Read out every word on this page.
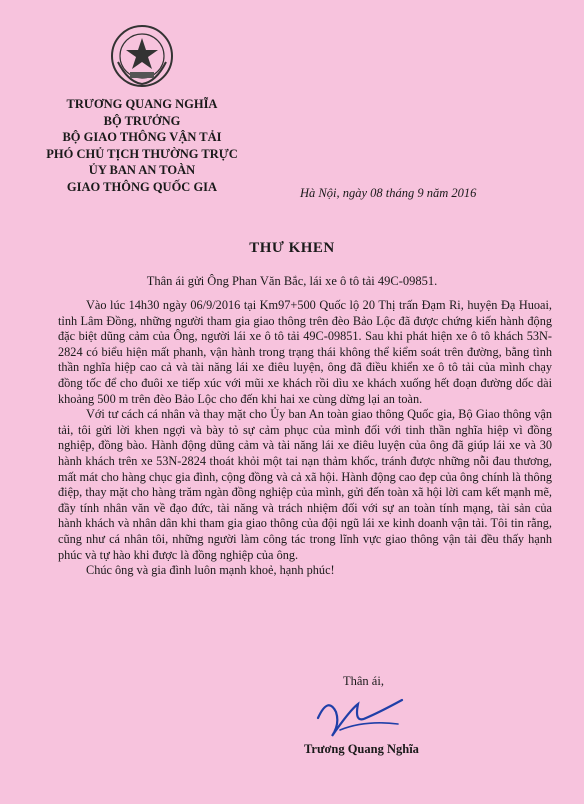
TRƯƠNG QUANG NGHĨA
BỘ TRƯỞNG
BỘ GIAO THÔNG VẬN TẢI
PHÓ CHỦ TỊCH THƯỜNG TRỰC
ỦY BAN AN TOÀN
GIAO THÔNG QUỐC GIA	Hà Nội, ngày 08 tháng 9 năm 2016
THƯ KHEN
Thân ái gửi Ông Phan Văn Bắc, lái xe ô tô tải 49C-09851.

Vào lúc 14h30 ngày 06/9/2016 tại Km97+500 Quốc lộ 20 Thị trấn Đạm Ri, huyện Đạ Huoai, tỉnh Lâm Đồng, những người tham gia giao thông trên đèo Bảo Lộc đã được chứng kiến hành động đặc biệt dũng cảm của Ông, người lái xe ô tô tải 49C-09851. Sau khi phát hiện xe ô tô khách 53N-2824 có biểu hiện mất phanh, vận hành trong trạng thái không thể kiểm soát trên đường, bằng tình thần nghĩa hiệp cao cả và tài năng lái xe điêu luyện, ông đã điều khiển xe ô tô tải của mình chạy đồng tốc để cho đuôi xe tiếp xúc với mũi xe khách rồi dìu xe khách xuống hết đoạn đường dốc dài khoảng 500 m trên đèo Bảo Lộc cho đến khi hai xe cùng dừng lại an toàn.

Với tư cách cá nhân và thay mặt cho Ủy ban An toàn giao thông Quốc gia, Bộ Giao thông vận tải, tôi gửi lời khen ngợi và bày tỏ sự cảm phục của mình đối với tinh thần nghĩa hiệp vì đồng nghiệp, đồng bào. Hành động dũng cảm và tài năng lái xe điêu luyện của ông đã giúp lái xe và 30 hành khách trên xe 53N-2824 thoát khỏi một tai nạn thảm khốc, tránh được những nỗi đau thương, mất mát cho hàng chục gia đình, cộng đồng và cả xã hội. Hành động cao đẹp của ông chính là thông điệp, thay mặt cho hàng trăm ngàn đồng nghiệp của mình, gửi đến toàn xã hội lời cam kết mạnh mẽ, đầy tính nhân văn về đạo đức, tài năng và trách nhiệm đối với sự an toàn tính mạng, tài sản của hành khách và nhân dân khi tham gia giao thông của đội ngũ lái xe kinh doanh vận tải. Tôi tin rằng, cũng như cá nhân tôi, những người làm công tác trong lĩnh vực giao thông vận tải đều thấy hạnh phúc và tự hào khi được là đồng nghiệp của ông.

Chúc ông và gia đình luôn mạnh khoẻ, hạnh phúc!

Thân ái,
Trương Quang Nghĩa
